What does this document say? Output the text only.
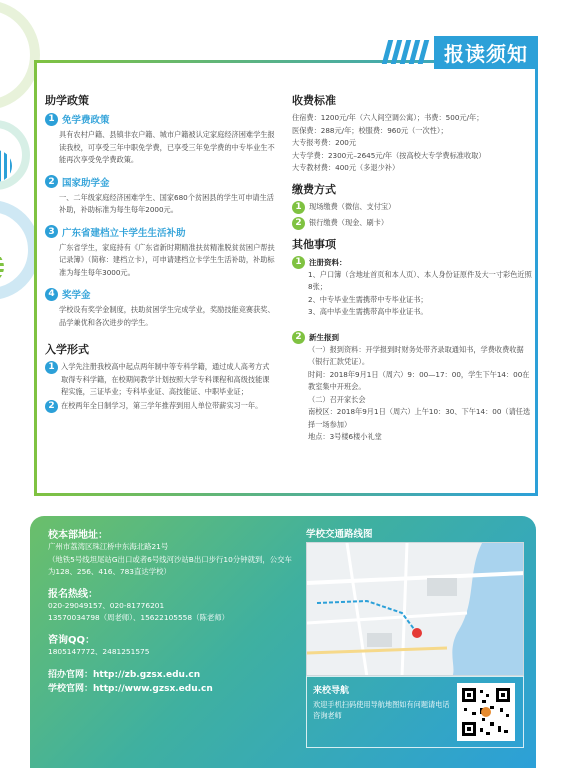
报读须知
助学政策
1 免学费政策
具有农村户籍、县镇非农户籍、城市户籍被认定家庭经济困难学生报读我校，可享受三年中职免学费，已享受三年免学费的中专毕业生不能再次享受免学费政策。
2 国家助学金
一、二年级家庭经济困难学生、国家680个贫困县的学生可申请生活补助，补助标准为每生每年2000元。
3 广东省建档立卡学生生活补助
广东省学生，家庭持有《广东省新时期精准扶贫精准脱贫贫困户帮扶记录簿》（简称：建档立卡），可申请建档立卡学生生活补助，补助标准为每生每年3000元。
4 奖学金
学校设有奖学金制度，扶助贫困学生完成学业，奖励技能竞赛获奖、品学兼优和各次进步的学生。
入学形式
1 入学先注册我校高中起点两年制中等专科学籍，通过成人高考方式取得专科学籍，在校期间教学计划按照大学专科课程和高级技能课程实施，三证毕业；专科毕业证、高技能证、中职毕业证；
2 在校两年全日制学习，第三学年推荐到用人单位带薪实习一年。
收费标准
住宿费：1200元/年（六人间空调公寓）；书费：500元/年；
医保费：288元/年；校服费：960元（一次性）；
大专报考费：200元
大专学费：2300元–2645元/年（按高校大专学费标准收取）
大专教材费：400元（多退少补）
缴费方式
1	现场缴费（微信、支付宝）
2	银行缴费（现金、刷卡）
其他事项
1 注册资料：
1、户口簿（含地址首页和本人页）、本人身份证原件及大一寸彩色近照8张；
2、中专毕业生需携带中专毕业证书；
3、高中毕业生需携带高中毕业证书。
2 新生报到
（一）报到资料：开学报到时财务处带齐录取通知书，学费收费收据（银行汇款凭证）。
时间：2018年9月1日（周六）9：00—17：00，学生下午14：00在教室集中开班会。
（二）召开家长会
南校区：2018年9月1日（周六）上午10：30、下午14：00（请任选择一场参加）
地点：3号楼6楼小礼堂
校本部地址：
广州市荔湾区珠江桥中东海北路21号
（地铁5号线坦尾站G出口或者6号线河沙站B出口步行10分钟就到，公交车为128、256、416、783直达学校）
报名热线：
020-29049157、020-81776201
13570034798（周老师）、15622105558（陈老师）
咨询QQ：
1805147772、2481251575
招办官网：http://zb.gzsx.edu.cn
学校官网：http://www.gzsx.edu.cn
学校交通路线图
来校导航
欢迎手机扫码使用导航地图如有问题请电话咨询老师
